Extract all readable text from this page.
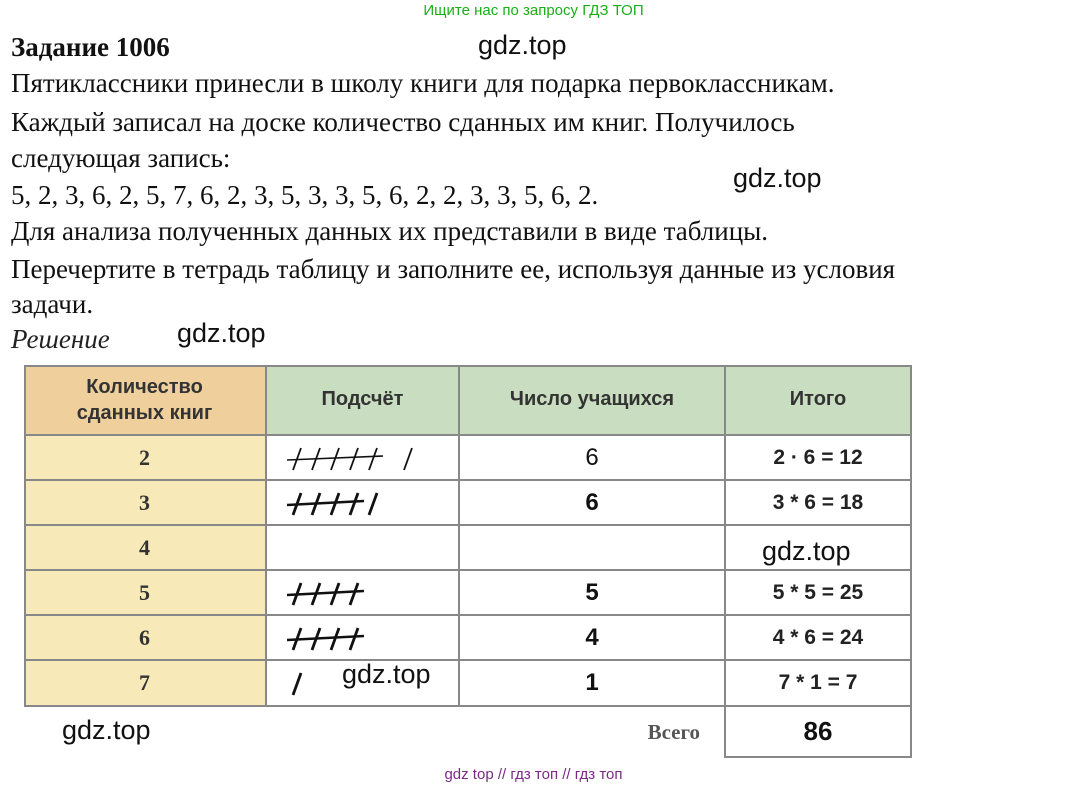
Ищите нас по запросу ГДЗ ТОП
Задание 1006
Пятиклассники принесли в школу книги для подарка первоклассникам.
Каждый записал на доске количество сданных им книг. Получилось
следующая запись:
5, 2, 3, 6, 2, 5, 7, 6, 2, 3, 5, 3, 3, 5, 6, 2, 2, 3, 3, 5, 6, 2.
Для анализа полученных данных их представили в виде таблицы.
Перечертите в тетрадь таблицу и заполните ее, используя данные из условия
задачи.
Решение
gdz.top
gdz.top
gdz.top
Количество
сданных книг
Подсчёт	Число учащихся	Итого
2	6	2 · 6 = 12
3	6	3 * 6 = 18
4
5	5	5 * 5 = 25
6	4	4 * 6 = 24
7	1	7 * 1 = 7
Всего	86
gdz.top
gdz.top
gdz.top
gdz top // гдз топ // гдз топ
